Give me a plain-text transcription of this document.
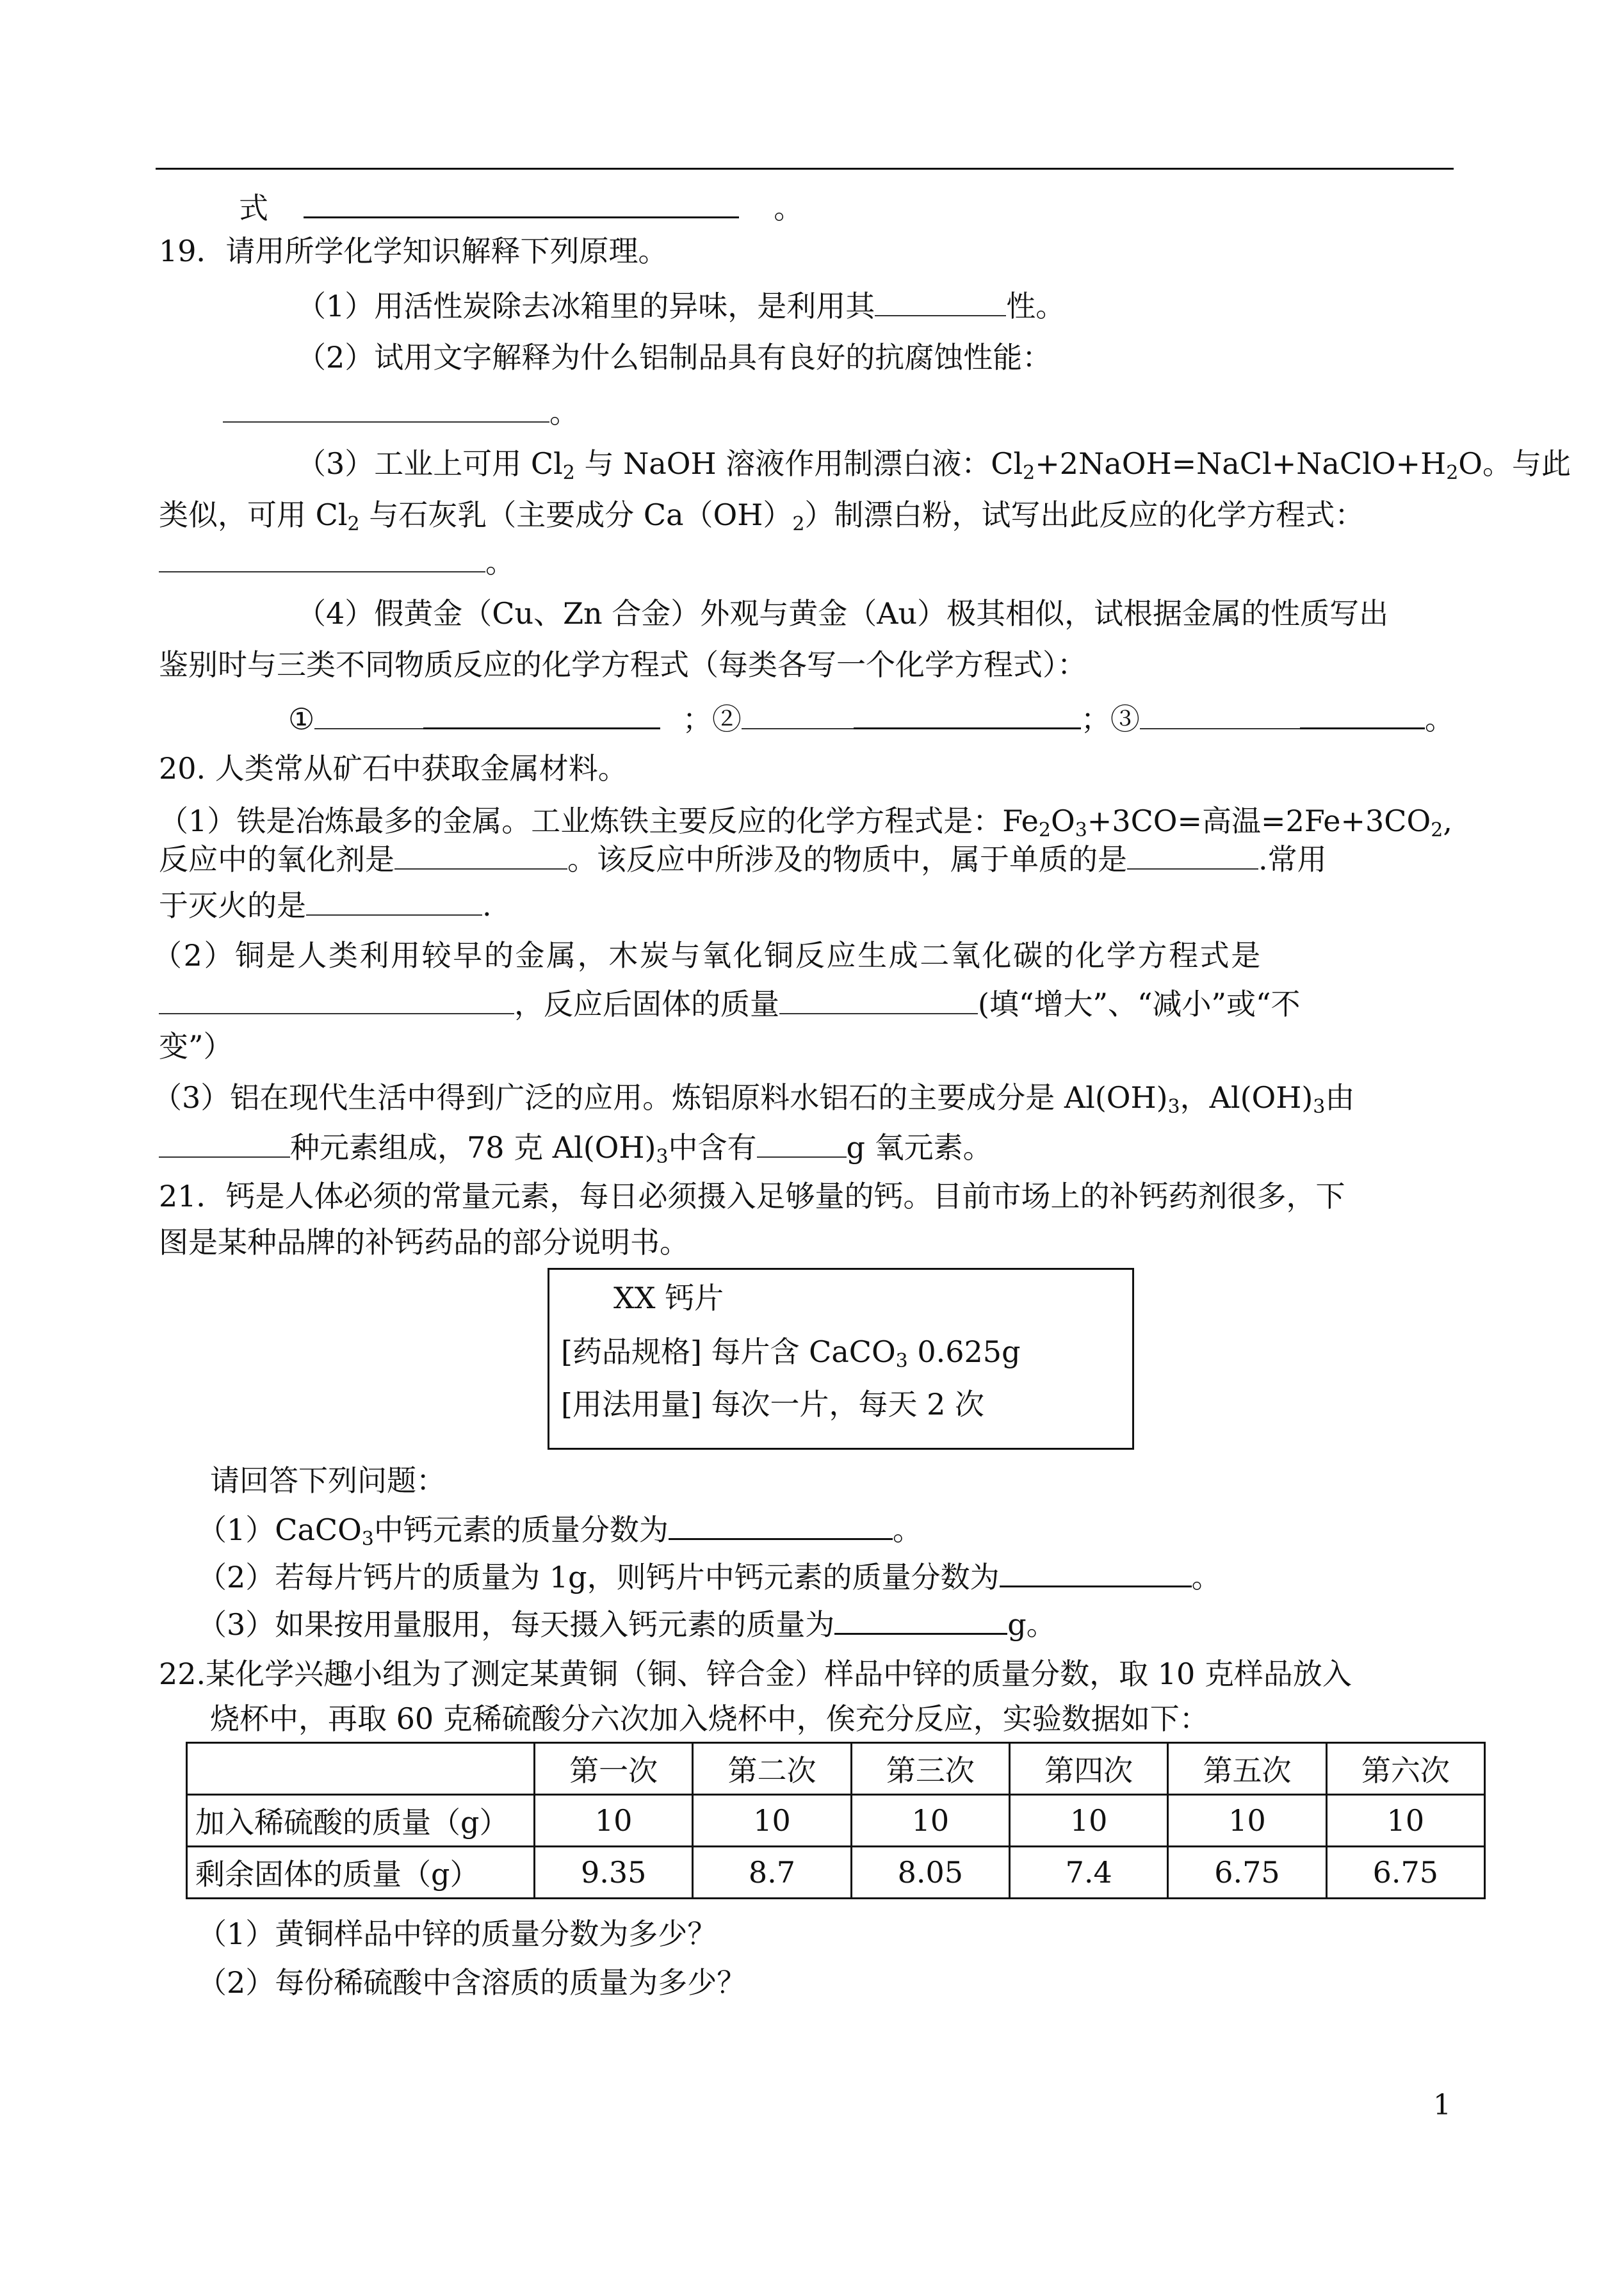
式	。
19．请用所学化学知识解释下列原理。
（1）用活性炭除去冰箱里的异味，是利用其	性。
（2）试用文字解释为什么铝制品具有良好的抗腐蚀性能：
。
（3）工业上可用 $Cl_2$ 与 NaOH 溶液作用制漂白液：$Cl_2+2NaOH=NaCl+NaClO+H_2O$。与此
类似，可用 $Cl_2$ 与石灰乳（主要成分 $Ca(OH)_2$）制漂白粉，试写出此反应的化学方程式：
。
（4）假黄金（Cu、Zn 合金）外观与黄金（Au）极其相似，试根据金属的性质写出
鉴别时与三类不同物质反应的化学方程式（每类各写一个化学方程式）：
①	；②	；③	。
20. 人类常从矿石中获取金属材料。
（1）铁是冶炼最多的金属。工业炼铁主要反应的化学方程式是：$Fe_2O_3+3CO=$高温$=2Fe+3CO_2$,
反应中的氧化剂是	。该反应中所涉及的物质中，属于单质的是	.常用
于灭火的是	.
（2）铜是人类利用较早的金属，木炭与氧化铜反应生成二氧化碳的化学方程式是
，反应后固体的质量	(填“增大”、“减小”或“不
变”）
（3）铝在现代生活中得到广泛的应用。炼铝原料水铝石的主要成分是 $Al(OH)_3$，$Al(OH)_3$由
种元素组成，78 克 $Al(OH)_3$中含有	g 氧元素。
21．钙是人体必须的常量元素，每日必须摄入足够量的钙。目前市场上的补钙药剂很多，下
图是某种品牌的补钙药品的部分说明书。
XX 钙片
[药品规格] 每片含 CaCO$_3$ 0.625g
[用法用量] 每次一片，每天 2 次
请回答下列问题：
（1）CaCO$_3$中钙元素的质量分数为	。
（2）若每片钙片的质量为 1g，则钙片中钙元素的质量分数为	。
（3）如果按用量服用，每天摄入钙元素的质量为	g。
22.某化学兴趣小组为了测定某黄铜（铜、锌合金）样品中锌的质量分数，取 10 克样品放入
烧杯中，再取 60 克稀硫酸分六次加入烧杯中，俟充分反应，实验数据如下：
	第一次	第二次	第三次	第四次	第五次	第六次
加入稀硫酸的质量（g）	10	10	10	10	10	10
剩余固体的质量（g）	9.35	8.7	8.05	7.4	6.75	6.75
（1）黄铜样品中锌的质量分数为多少？
（2）每份稀硫酸中含溶质的质量为多少？
1
